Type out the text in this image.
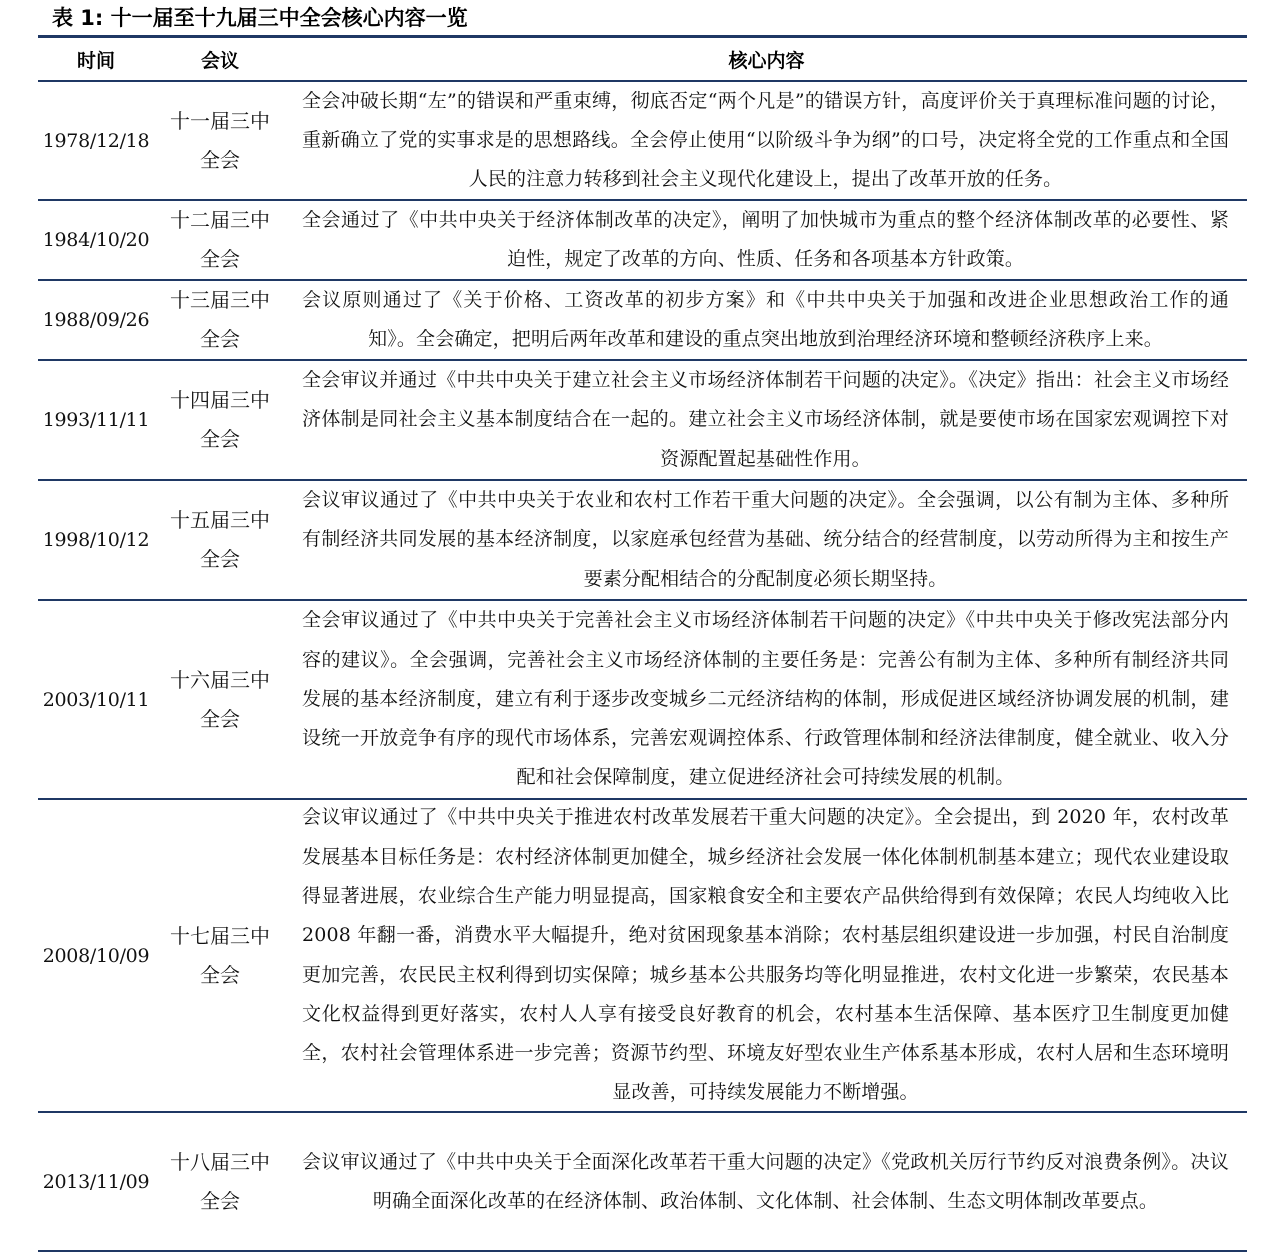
表 1: 十一届至十九届三中全会核心内容一览
时间	会议	核心内容
1978/12/18
十一届三中全会
全会冲破长期“左”的错误和严重束缚，彻底否定“两个凡是”的错误方针，高度评价关于真理标准问题的讨论，重新确立了党的实事求是的思想路线。全会停止使用“以阶级斗争为纲”的口号，决定将全党的工作重点和全国人民的注意力转移到社会主义现代化建设上，提出了改革开放的任务。
1984/10/20
十二届三中全会
全会通过了《中共中央关于经济体制改革的决定》，阐明了加快城市为重点的整个经济体制改革的必要性、紧迫性，规定了改革的方向、性质、任务和各项基本方针政策。
1988/09/26
十三届三中全会
会议原则通过了《关于价格、工资改革的初步方案》和《中共中央关于加强和改进企业思想政治工作的通知》。全会确定，把明后两年改革和建设的重点突出地放到治理经济环境和整顿经济秩序上来。
1993/11/11
十四届三中全会
全会审议并通过《中共中央关于建立社会主义市场经济体制若干问题的决定》。《决定》指出：社会主义市场经济体制是同社会主义基本制度结合在一起的。建立社会主义市场经济体制，就是要使市场在国家宏观调控下对资源配置起基础性作用。
1998/10/12
十五届三中全会
会议审议通过了《中共中央关于农业和农村工作若干重大问题的决定》。全会强调，以公有制为主体、多种所有制经济共同发展的基本经济制度，以家庭承包经营为基础、统分结合的经营制度，以劳动所得为主和按生产要素分配相结合的分配制度必须长期坚持。
2003/10/11
十六届三中全会
全会审议通过了《中共中央关于完善社会主义市场经济体制若干问题的决定》《中共中央关于修改宪法部分内容的建议》。全会强调，完善社会主义市场经济体制的主要任务是：完善公有制为主体、多种所有制经济共同发展的基本经济制度，建立有利于逐步改变城乡二元经济结构的体制，形成促进区域经济协调发展的机制，建设统一开放竞争有序的现代市场体系，完善宏观调控体系、行政管理体制和经济法律制度，健全就业、收入分配和社会保障制度，建立促进经济社会可持续发展的机制。
2008/10/09
十七届三中全会
会议审议通过了《中共中央关于推进农村改革发展若干重大问题的决定》。全会提出，到 2020 年，农村改革发展基本目标任务是：农村经济体制更加健全，城乡经济社会发展一体化体制机制基本建立；现代农业建设取得显著进展，农业综合生产能力明显提高，国家粮食安全和主要农产品供给得到有效保障；农民人均纯收入比 2008 年翻一番，消费水平大幅提升，绝对贫困现象基本消除；农村基层组织建设进一步加强，村民自治制度更加完善，农民民主权利得到切实保障；城乡基本公共服务均等化明显推进，农村文化进一步繁荣，农民基本文化权益得到更好落实，农村人人享有接受良好教育的机会，农村基本生活保障、基本医疗卫生制度更加健全，农村社会管理体系进一步完善；资源节约型、环境友好型农业生产体系基本形成，农村人居和生态环境明显改善，可持续发展能力不断增强。
2013/11/09
十八届三中全会
会议审议通过了《中共中央关于全面深化改革若干重大问题的决定》《党政机关厉行节约反对浪费条例》。决议明确全面深化改革的在经济体制、政治体制、文化体制、社会体制、生态文明体制改革要点。
